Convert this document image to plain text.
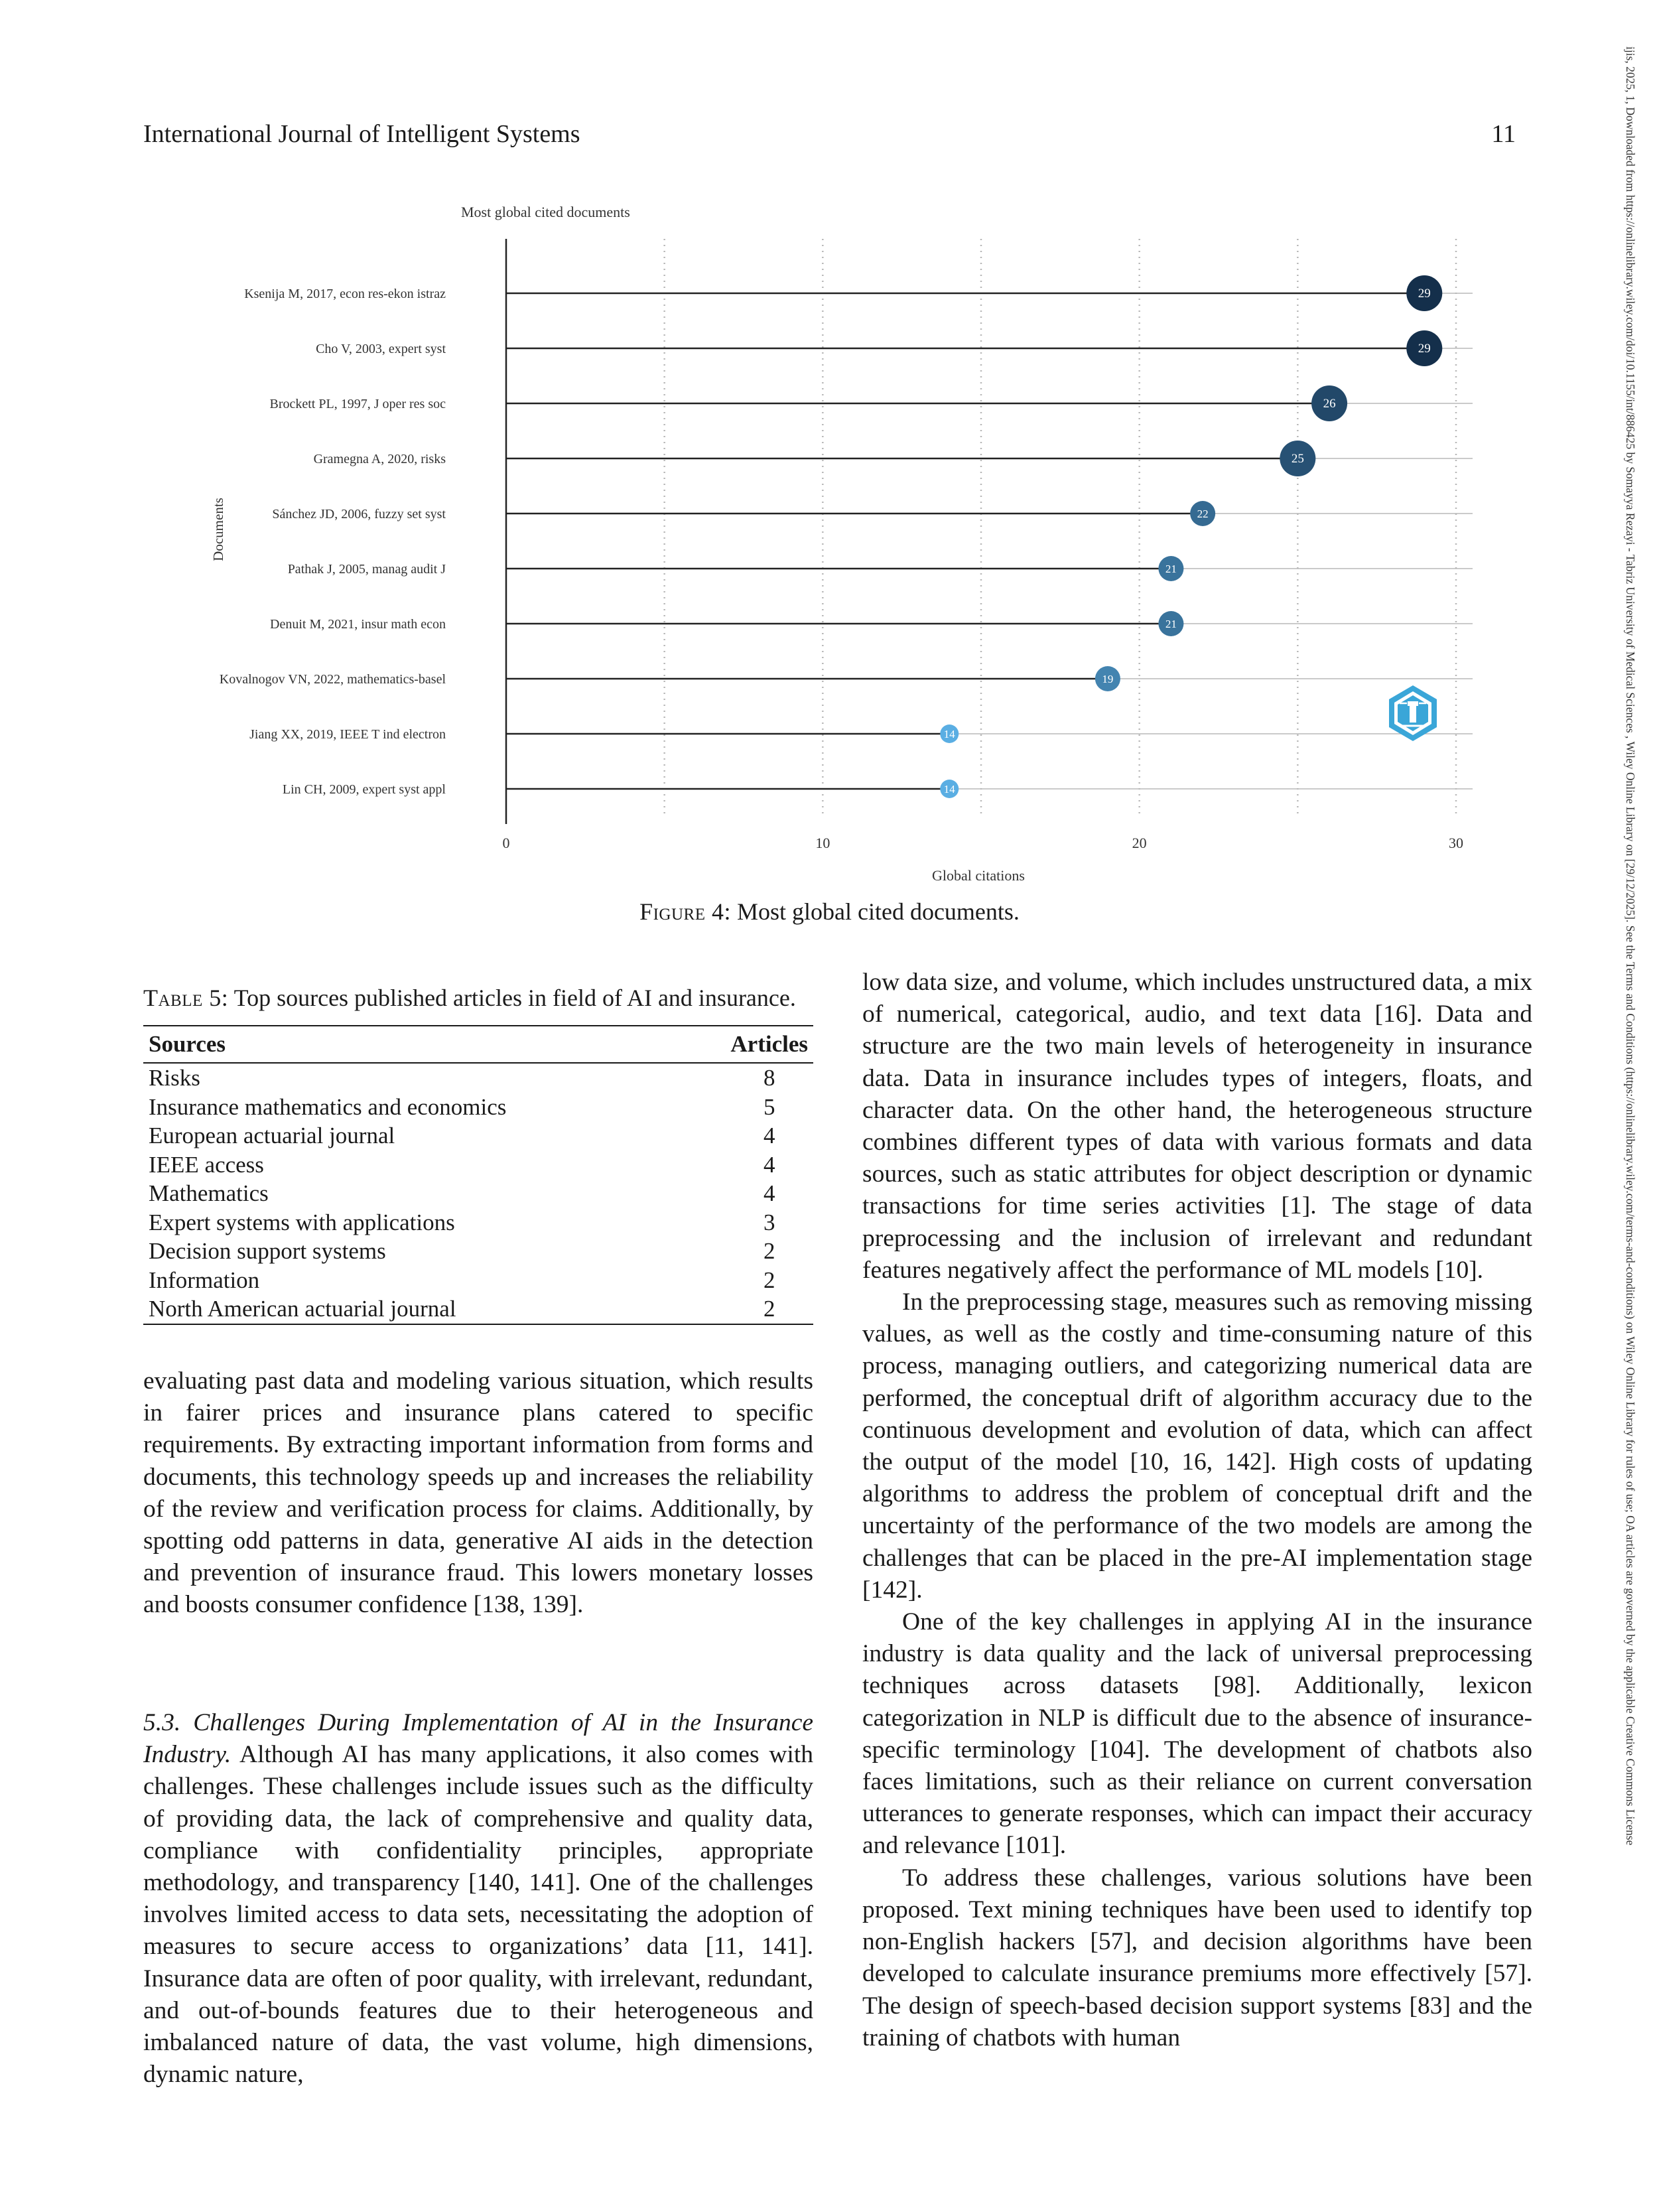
International Journal of Intelligent Systems	11	ijis, 2025, 1, Downloaded from https://onlinelibrary.wiley.com/doi/10.1155/int/886425 by Somayya Rezayi - Tabriz University of Medical Sciences , Wiley Online Library on [29/12/2025]. See the Terms and Conditions (https://onlinelibrary.wiley.com/terms-and-conditions) on Wiley Online Library for rules of use; OA articles are governed by the applicable Creative Commons License
Most global cited documents
Documents
Global citations
Ksenija M, 2017, econ res-ekon istraz	29
Cho V, 2003, expert syst	29
Brockett PL, 1997, J oper res soc	26
Gramegna A, 2020, risks	25
Sánchez JD, 2006, fuzzy set syst	22
Pathak J, 2005, manag audit J	21
Denuit M, 2021, insur math econ	21
Kovalnogov VN, 2022, mathematics-basel	19
Jiang XX, 2019, IEEE T ind electron	14
Lin CH, 2009, expert syst appl	14
0	10	20	30
Figure 4: Most global cited documents.
Table 5: Top sources published articles in field of AI and insurance.
Sources	Articles
Risks	8
Insurance mathematics and economics	5
European actuarial journal	4
IEEE access	4
Mathematics	4
Expert systems with applications	3
Decision support systems	2
Information	2
North American actuarial journal	2

evaluating past data and modeling various situation, which results in fairer prices and insurance plans catered to specific requirements. By extracting important information from forms and documents, this technology speeds up and increases the reliability of the review and verification process for claims. Additionally, by spotting odd patterns in data, generative AI aids in the detection and prevention of insurance fraud. This lowers monetary losses and boosts consumer confidence [138, 139].

5.3. Challenges During Implementation of AI in the Insurance Industry. Although AI has many applications, it also comes with challenges. These challenges include issues such as the difficulty of providing data, the lack of comprehensive and quality data, compliance with confidentiality principles, appropriate methodology, and transparency [140, 141]. One of the challenges involves limited access to data sets, necessitating the adoption of measures to secure access to organizations’ data [11, 141]. Insurance data are often of poor quality, with irrelevant, redundant, and out-of-bounds features due to their heterogeneous and imbalanced nature of data, the vast volume, high dimensions, dynamic nature,

low data size, and volume, which includes unstructured data, a mix of numerical, categorical, audio, and text data [16]. Data and structure are the two main levels of heterogeneity in insurance data. Data in insurance includes types of integers, floats, and character data. On the other hand, the heterogeneous structure combines different types of data with various formats and data sources, such as static attributes for object description or dynamic transactions for time series activities [1]. The stage of data preprocessing and the inclusion of irrelevant and redundant features negatively affect the performance of ML models [10].

In the preprocessing stage, measures such as removing missing values, as well as the costly and time-consuming nature of this process, managing outliers, and categorizing numerical data are performed, the conceptual drift of algorithm accuracy due to the continuous development and evolution of data, which can affect the output of the model [10, 16, 142]. High costs of updating algorithms to address the problem of conceptual drift and the uncertainty of the performance of the two models are among the challenges that can be placed in the pre-AI implementation stage [142].

One of the key challenges in applying AI in the insurance industry is data quality and the lack of universal preprocessing techniques across datasets [98]. Additionally, lexicon categorization in NLP is difficult due to the absence of insurance-specific terminology [104]. The development of chatbots also faces limitations, such as their reliance on current conversation utterances to generate responses, which can impact their accuracy and relevance [101].

To address these challenges, various solutions have been proposed. Text mining techniques have been used to identify top non-English hackers [57], and decision algorithms have been developed to calculate insurance premiums more effectively [57]. The design of speech-based decision support systems [83] and the training of chatbots with human
